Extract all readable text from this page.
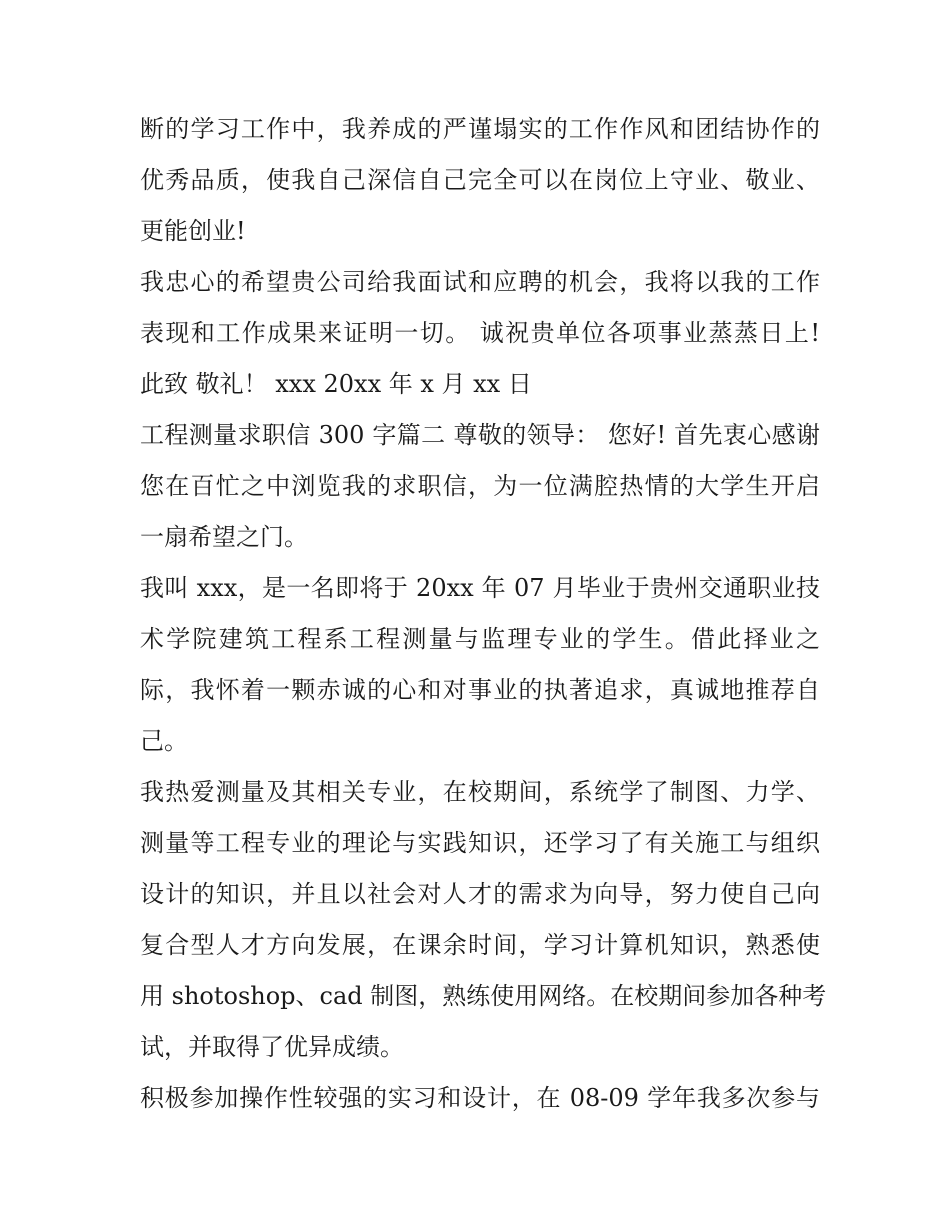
断的学习工作中，我养成的严谨塌实的工作作风和团结协作的
优秀品质，使我自己深信自己完全可以在岗位上守业、敬业、
更能创业!
我忠心的希望贵公司给我面试和应聘的机会，我将以我的工作
表现和工作成果来证明一切。 诚祝贵单位各项事业蒸蒸日上!
此致 敬礼！ xxx 20xx 年 x 月 xx 日
工程测量求职信 300 字篇二 尊敬的领导： 您好! 首先衷心感谢
您在百忙之中浏览我的求职信，为一位满腔热情的大学生开启
一扇希望之门。
我叫 xxx，是一名即将于 20xx 年 07 月毕业于贵州交通职业技
术学院建筑工程系工程测量与监理专业的学生。借此择业之
际，我怀着一颗赤诚的心和对事业的执著追求，真诚地推荐自
己。
我热爱测量及其相关专业，在校期间，系统学了制图、力学、
测量等工程专业的理论与实践知识，还学习了有关施工与组织
设计的知识，并且以社会对人才的需求为向导，努力使自己向
复合型人才方向发展，在课余时间，学习计算机知识，熟悉使
用 shotoshop、cad 制图，熟练使用网络。在校期间参加各种考
试，并取得了优异成绩。
积极参加操作性较强的实习和设计，在 08-09 学年我多次参与
